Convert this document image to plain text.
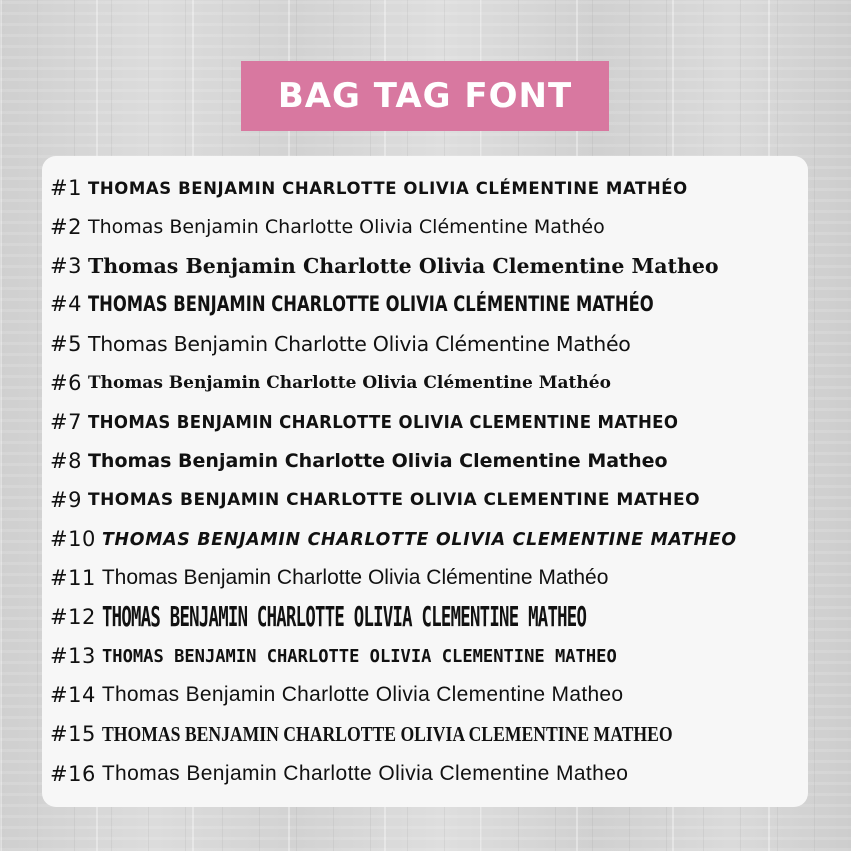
BAG TAG FONT
#1 THOMAS BENJAMIN CHARLOTTE OLIVIA CLÉMENTINE MATHÉO
#2 Thomas Benjamin Charlotte Olivia Clémentine Mathéo
#3 Thomas Benjamin Charlotte Olivia Clementine Matheo
#4 THOMAS BENJAMIN CHARLOTTE OLIVIA CLÉMENTINE MATHÉO
#5 Thomas Benjamin Charlotte Olivia Clémentine Mathéo
#6 Thomas Benjamin Charlotte Olivia Clémentine Mathéo
#7 THOMAS BENJAMIN CHARLOTTE OLIVIA CLEMENTINE MATHEO
#8 Thomas Benjamin Charlotte Olivia Clementine Matheo
#9 THOMAS BENJAMIN CHARLOTTE OLIVIA CLEMENTINE MATHEO
#10 THOMAS BENJAMIN CHARLOTTE OLIVIA CLEMENTINE MATHEO
#11 Thomas Benjamin Charlotte Olivia Clémentine Mathéo
#12 THOMAS BENJAMIN CHARLOTTE OLIVIA CLEMENTINE MATHEO
#13 THOMAS BENJAMIN CHARLOTTE OLIVIA CLEMENTINE MATHEO
#14 Thomas Benjamin Charlotte Olivia Clementine Matheo
#15 THOMAS BENJAMIN CHARLOTTE OLIVIA CLEMENTINE MATHEO
#16 Thomas Benjamin Charlotte Olivia Clementine Matheo
